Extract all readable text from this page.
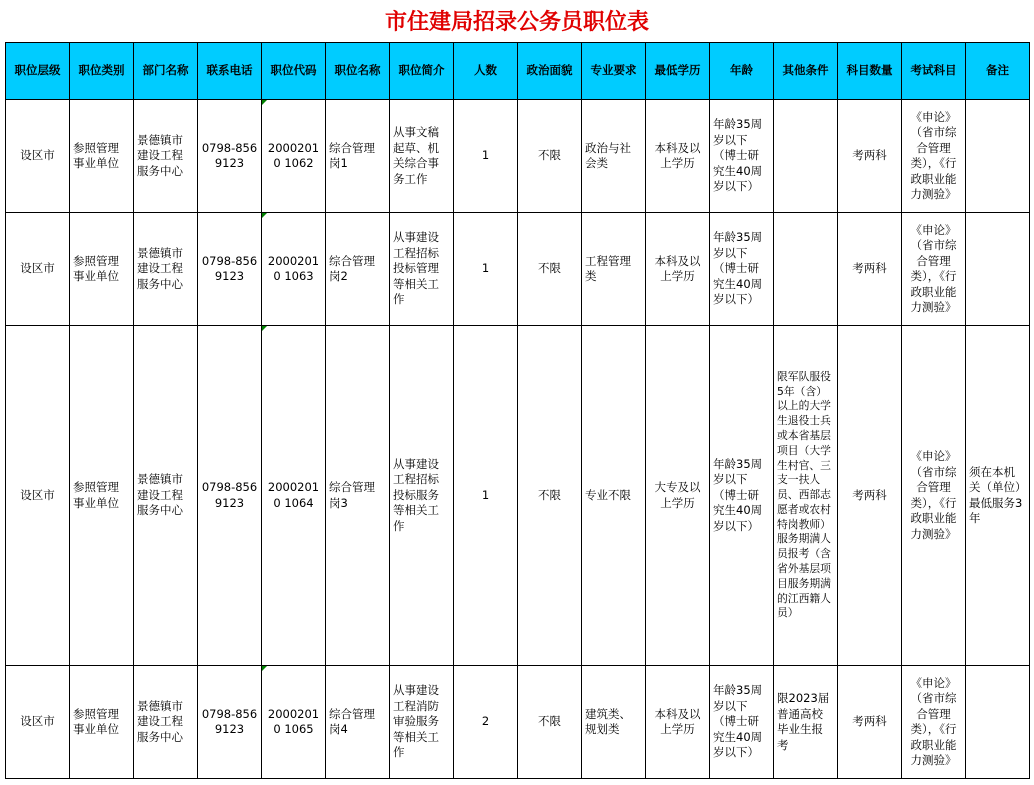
市住建局招录公务员职位表
职位层级	职位类别	部门名称	联系电话	职位代码	职位名称	职位简介	人数	政治面貌	专业要求	最低学历	年龄	其他条件	科目数量	考试科目	备注
设区市	参照管理事业单位	景德镇市建设工程服务中心	0798-8569123	20002010 1062	综合管理岗1	从事文稿起草、机关综合事务工作	1	不限	政治与社会类	本科及以上学历	年龄35周岁以下（博士研究生40周岁以下）		考两科	《申论》（省市综合管理类），《行政职业能力测验》	
设区市	参照管理事业单位	景德镇市建设工程服务中心	0798-8569123	20002010 1063	综合管理岗2	从事建设工程招标投标管理等相关工作	1	不限	工程管理类	本科及以上学历	年龄35周岁以下（博士研究生40周岁以下）		考两科	《申论》（省市综合管理类），《行政职业能力测验》	
设区市	参照管理事业单位	景德镇市建设工程服务中心	0798-8569123	20002010 1064	综合管理岗3	从事建设工程招标投标服务等相关工作	1	不限	专业不限	大专及以上学历	年龄35周岁以下（博士研究生40周岁以下）	限军队服役5年（含）以上的大学生退役士兵或本省基层项目（大学生村官、三支一扶人员、西部志愿者或农村特岗教师）服务期满人员报考（含省外基层项目服务期满的江西籍人员）	考两科	《申论》（省市综合管理类），《行政职业能力测验》	须在本机关（单位）最低服务3年
设区市	参照管理事业单位	景德镇市建设工程服务中心	0798-8569123	20002010 1065	综合管理岗4	从事建设工程消防审验服务等相关工作	2	不限	建筑类、规划类	本科及以上学历	年龄35周岁以下（博士研究生40周岁以下）	限2023届普通高校毕业生报考	考两科	《申论》（省市综合管理类），《行政职业能力测验》	
